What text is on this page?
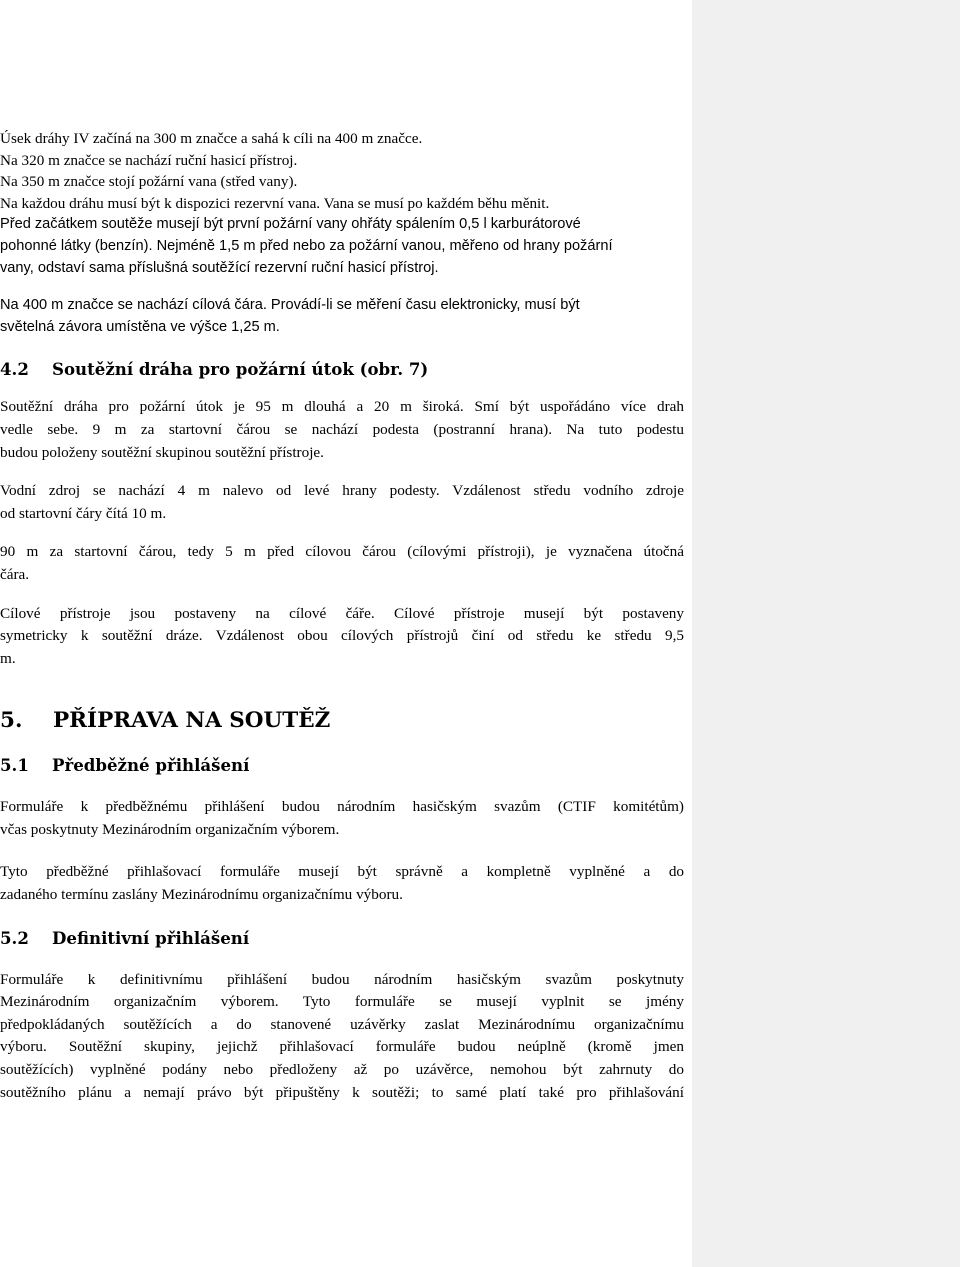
Úsek dráhy IV začíná na 300 m značce a sahá k cíli na 400 m značce.

Na 320 m značce se nachází ruční hasicí přístroj.

Na 350 m značce stojí požární vana (střed vany).

Na každou dráhu musí být k dispozici rezervní vana. Vana se musí po každém běhu měnit.

Před začátkem soutěže musejí být první požární vany ohřáty spálením 0,5 l karburátorové

pohonné látky (benzín). Nejméně 1,5 m před nebo za požární vanou, měřeno od hrany požární

vany, odstaví sama příslušná soutěžící rezervní ruční hasicí přístroj.

Na 400 m značce se nachází cílová čára. Provádí-li se měření času elektronicky, musí být

světelná závora umístěna ve výšce 1,25 m.

4.2	Soutěžní dráha pro požární útok (obr. 7)

Soutěžní dráha pro požární útok je 95 m dlouhá a 20 m široká. Smí být uspořádáno více drah

vedle sebe. 9 m za startovní čárou se nachází podesta (postranní hrana). Na tuto podestu

budou položeny soutěžní skupinou soutěžní přístroje.

Vodní zdroj se nachází 4 m nalevo od levé hrany podesty. Vzdálenost středu vodního zdroje

od startovní čáry čítá 10 m.

90 m za startovní čárou, tedy 5 m před cílovou čárou (cílovými přístroji), je vyznačena útočná

čára.

Cílové přístroje jsou postaveny na cílové čáře. Cílové přístroje musejí být postaveny

symetricky k soutěžní dráze. Vzdálenost obou cílových přístrojů činí od středu ke středu 9,5

m.

5.	PŘÍPRAVA NA SOUTĚŽ
5.1	Předběžné přihlášení

Formuláře k předběžnému přihlášení budou národním hasičským svazům (CTIF komitétům)

včas poskytnuty Mezinárodním organizačním výborem.

Tyto předběžné přihlašovací formuláře musejí být správně a kompletně vyplněné a do

zadaného termínu zaslány Mezinárodnímu organizačnímu výboru.

5.2	Definitivní přihlášení

Formuláře k definitivnímu přihlášení budou národním hasičským svazům poskytnuty

Mezinárodním organizačním výborem. Tyto formuláře se musejí vyplnit se jmény

předpokládaných soutěžících a do stanovené uzávěrky zaslat Mezinárodnímu organizačnímu

výboru. Soutěžní skupiny, jejichž přihlašovací formuláře budou neúplně (kromě jmen

soutěžících) vyplněné podány nebo předloženy až po uzávěrce, nemohou být zahrnuty do

soutěžního plánu a nemají právo být připuštěny k soutěži; to samé platí také pro přihlašování
